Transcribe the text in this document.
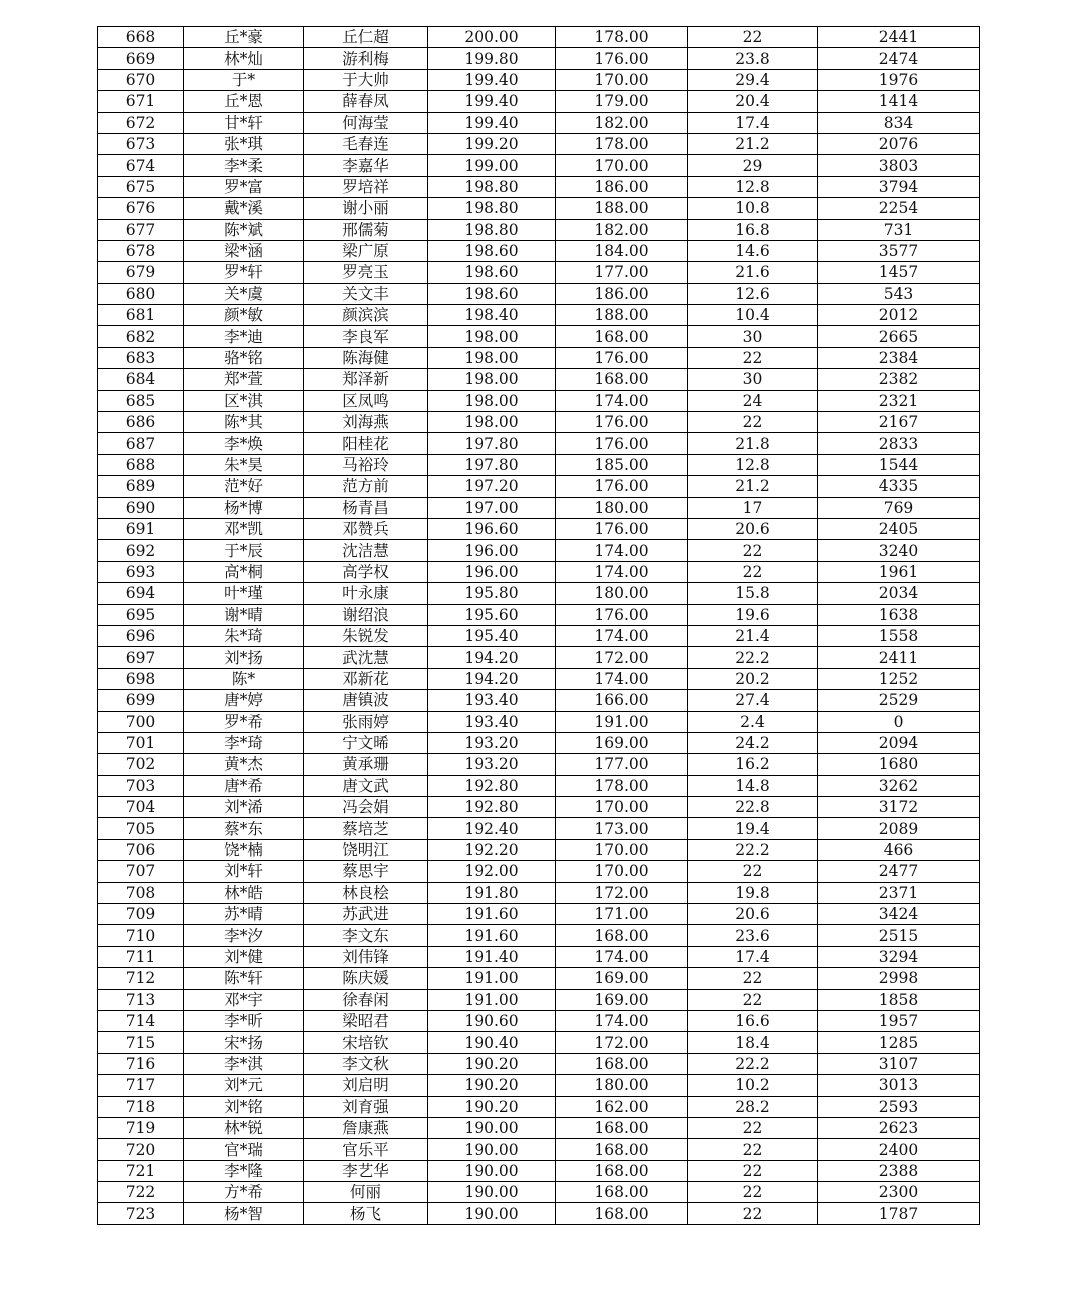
668	丘*豪	丘仁超	200.00	178.00	22	2441
669	林*灿	游利梅	199.80	176.00	23.8	2474
670	于*	于大帅	199.40	170.00	29.4	1976
671	丘*恩	薛春凤	199.40	179.00	20.4	1414
672	甘*轩	何海莹	199.40	182.00	17.4	834
673	张*琪	毛春连	199.20	178.00	21.2	2076
674	李*柔	李嘉华	199.00	170.00	29	3803
675	罗*富	罗培祥	198.80	186.00	12.8	3794
676	戴*溪	谢小丽	198.80	188.00	10.8	2254
677	陈*斌	邢儒菊	198.80	182.00	16.8	731
678	梁*涵	梁广原	198.60	184.00	14.6	3577
679	罗*轩	罗亮玉	198.60	177.00	21.6	1457
680	关*虞	关文丰	198.60	186.00	12.6	543
681	颜*敏	颜滨滨	198.40	188.00	10.4	2012
682	李*迪	李良军	198.00	168.00	30	2665
683	骆*铭	陈海健	198.00	176.00	22	2384
684	郑*萱	郑泽新	198.00	168.00	30	2382
685	区*淇	区凤鸣	198.00	174.00	24	2321
686	陈*其	刘海燕	198.00	176.00	22	2167
687	李*焕	阳桂花	197.80	176.00	21.8	2833
688	朱*昊	马裕玲	197.80	185.00	12.8	1544
689	范*好	范方前	197.20	176.00	21.2	4335
690	杨*博	杨青昌	197.00	180.00	17	769
691	邓*凯	邓赞兵	196.60	176.00	20.6	2405
692	于*辰	沈洁慧	196.00	174.00	22	3240
693	高*桐	高学权	196.00	174.00	22	1961
694	叶*瑾	叶永康	195.80	180.00	15.8	2034
695	谢*晴	谢绍浪	195.60	176.00	19.6	1638
696	朱*琦	朱锐发	195.40	174.00	21.4	1558
697	刘*扬	武沈慧	194.20	172.00	22.2	2411
698	陈*	邓新花	194.20	174.00	20.2	1252
699	唐*婷	唐镇波	193.40	166.00	27.4	2529
700	罗*希	张雨婷	193.40	191.00	2.4	0
701	李*琦	宁文晞	193.20	169.00	24.2	2094
702	黄*杰	黄承珊	193.20	177.00	16.2	1680
703	唐*希	唐文武	192.80	178.00	14.8	3262
704	刘*浠	冯会娟	192.80	170.00	22.8	3172
705	蔡*东	蔡培芝	192.40	173.00	19.4	2089
706	饶*楠	饶明江	192.20	170.00	22.2	466
707	刘*轩	蔡思宇	192.00	170.00	22	2477
708	林*皓	林良桧	191.80	172.00	19.8	2371
709	苏*晴	苏武进	191.60	171.00	20.6	3424
710	李*汐	李文东	191.60	168.00	23.6	2515
711	刘*健	刘伟锋	191.40	174.00	17.4	3294
712	陈*轩	陈庆媛	191.00	169.00	22	2998
713	邓*宇	徐春闲	191.00	169.00	22	1858
714	李*昕	梁昭君	190.60	174.00	16.6	1957
715	宋*扬	宋培钦	190.40	172.00	18.4	1285
716	李*淇	李文秋	190.20	168.00	22.2	3107
717	刘*元	刘启明	190.20	180.00	10.2	3013
718	刘*铭	刘育强	190.20	162.00	28.2	2593
719	林*锐	詹康燕	190.00	168.00	22	2623
720	官*瑞	官乐平	190.00	168.00	22	2400
721	李*隆	李艺华	190.00	168.00	22	2388
722	方*希	何丽	190.00	168.00	22	2300
723	杨*智	杨飞	190.00	168.00	22	1787
